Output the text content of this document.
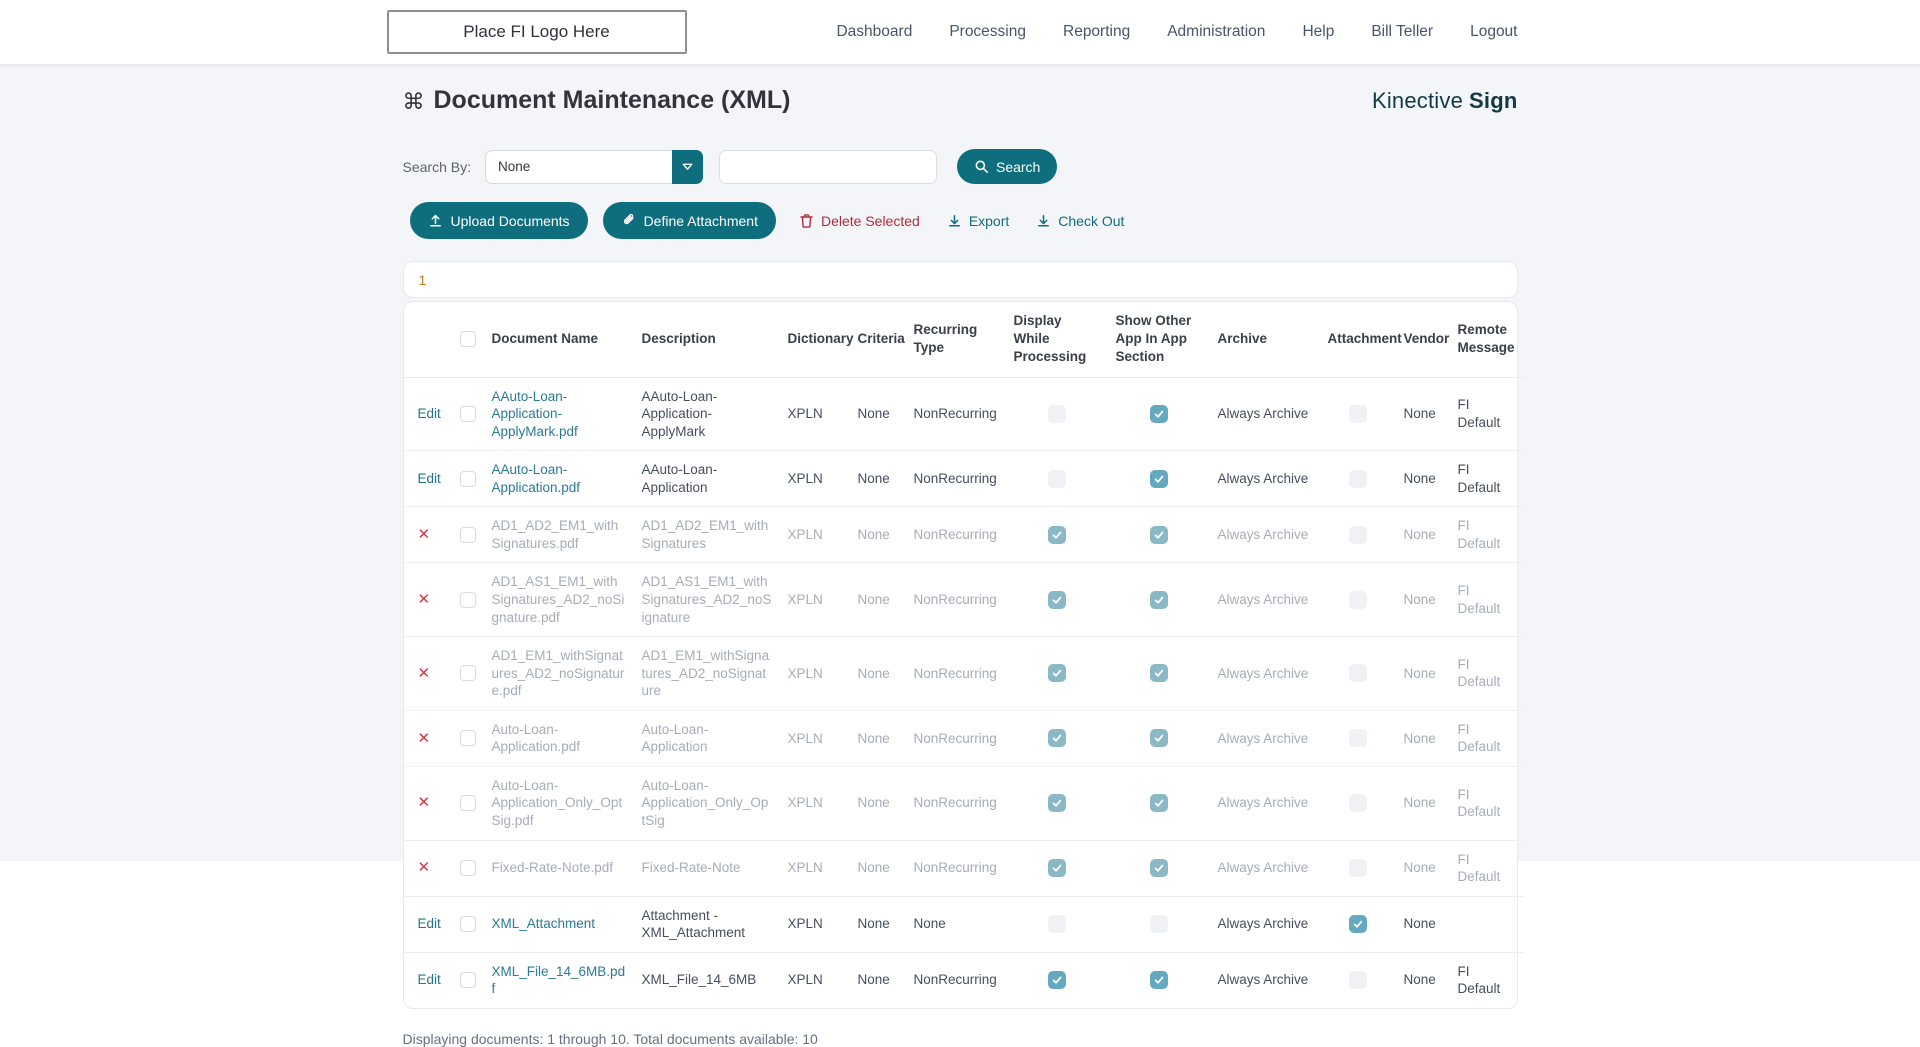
Place FI Logo Here	Dashboard Processing Reporting Administration Help Bill Teller Logout
⌘ Document Maintenance (XML)	Kinective Sign
Search By:	None	Search
Upload Documents	Define Attachment	Delete Selected	Export	Check Out
1

	Document Name	Description	Dictionary	Criteria	Recurring Type	Display While Processing	Show Other App In App Section	Archive	Attachment	Vendor	Remote Message
Edit		AAuto-Loan-Application-ApplyMark.pdf	AAuto-Loan-Application-ApplyMark	XPLN	None	NonRecurring			Always Archive		None	FI Default
Edit		AAuto-Loan-Application.pdf	AAuto-Loan-Application	XPLN	None	NonRecurring			Always Archive		None	FI Default
✕		AD1_AD2_EM1_withSignatures.pdf	AD1_AD2_EM1_withSignatures	XPLN	None	NonRecurring			Always Archive		None	FI Default
✕		AD1_AS1_EM1_withSignatures_AD2_noSignature.pdf	AD1_AS1_EM1_withSignatures_AD2_noSignature	XPLN	None	NonRecurring			Always Archive		None	FI Default
✕		AD1_EM1_withSignatures_AD2_noSignature.pdf	AD1_EM1_withSignatures_AD2_noSignature	XPLN	None	NonRecurring			Always Archive		None	FI Default
✕		Auto-Loan-Application.pdf	Auto-Loan-Application	XPLN	None	NonRecurring			Always Archive		None	FI Default
✕		Auto-Loan-Application_Only_OptSig.pdf	Auto-Loan-Application_Only_OptSig	XPLN	None	NonRecurring			Always Archive		None	FI Default
✕		Fixed-Rate-Note.pdf	Fixed-Rate-Note	XPLN	None	NonRecurring			Always Archive		None	FI Default
Edit		XML_Attachment	Attachment - XML_Attachment	XPLN	None	None			Always Archive		None	
Edit		XML_File_14_6MB.pdf	XML_File_14_6MB	XPLN	None	NonRecurring			Always Archive		None	FI Default
Displaying documents: 1 through 10. Total documents available: 10
